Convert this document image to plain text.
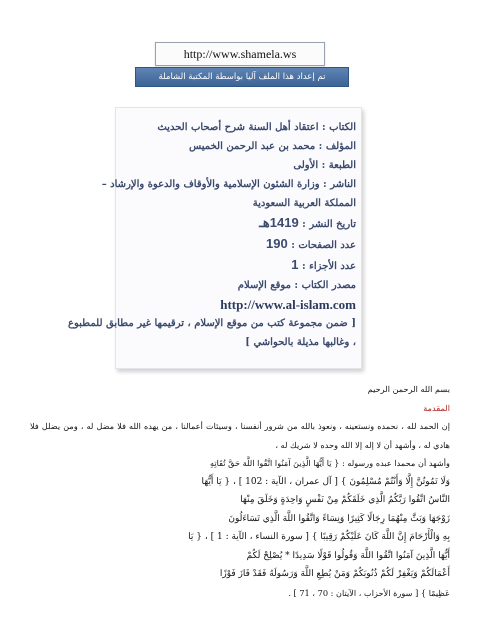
http://www.shamela.ws
تم إعداد هذا الملف آليا بواسطة المكتبة الشاملة
الكتاب : اعتقاد أهل السنة شرح أصحاب الحديث
المؤلف : محمد بن عبد الرحمن الخميس
الطبعة : الأولى
الناشر : وزارة الشئون الإسلامية والأوقاف والدعوة والإرشاد –
المملكة العربية السعودية
تاريخ النشر : 1419هـ
عدد الصفحات : 190
عدد الأجزاء : 1
مصدر الكتاب : موقع الإسلام
http://www.al-islam.com
[ ضمن مجموعة كتب من موقع الإسلام ، ترقيمها غير مطابق للمطبوع
، وغالبها مذيلة بالحواشي ]
بسم الله الرحمن الرحيم
المقدمة
إن الحمد لله ، نحمده ونستعينه ، ونعوذ بالله من شرور أنفسنا ، وسيئات أعمالنا ، من يهده الله فلا مضل له ، ومن يضلل فلا هادي له ، وأشهد أن لا إله إلا الله وحده لا شريك له ،
وأشهد أن محمدا عبده ورسوله : { يَا أَيُّهَا الَّذِينَ آمَنُوا اتَّقُوا اللَّهَ حَقَّ تُقَاتِهِ
وَلَا تَمُوتُنَّ إِلَّا وَأَنْتُمْ مُسْلِمُونَ } [ آل عمران ، الآية : 102 ] ، { يَا أَيُّهَا
النَّاسُ اتَّقُوا رَبَّكُمُ الَّذِي خَلَقَكُمْ مِنْ نَفْسٍ وَاحِدَةٍ وَخَلَقَ مِنْهَا
زَوْجَهَا وَبَثَّ مِنْهُمَا رِجَالًا كَثِيرًا وَنِسَاءً وَاتَّقُوا اللَّهَ الَّذِي تَسَاءَلُونَ
بِهِ وَالْأَرْحَامَ إِنَّ اللَّهَ كَانَ عَلَيْكُمْ رَقِيبًا } [ سورة النساء ، الآية : 1 ] ، { يَا
أَيُّهَا الَّذِينَ آمَنُوا اتَّقُوا اللَّهَ وَقُولُوا قَوْلًا سَدِيدًا * يُصْلِحْ لَكُمْ
أَعْمَالَكُمْ وَيَغْفِرْ لَكُمْ ذُنُوبَكُمْ وَمَنْ يُطِعِ اللَّهَ وَرَسُولَهُ فَقَدْ فَازَ فَوْزًا
عَظِيمًا } [ سورة الأحزاب ، الآيتان : 70 ، 71 ] .
